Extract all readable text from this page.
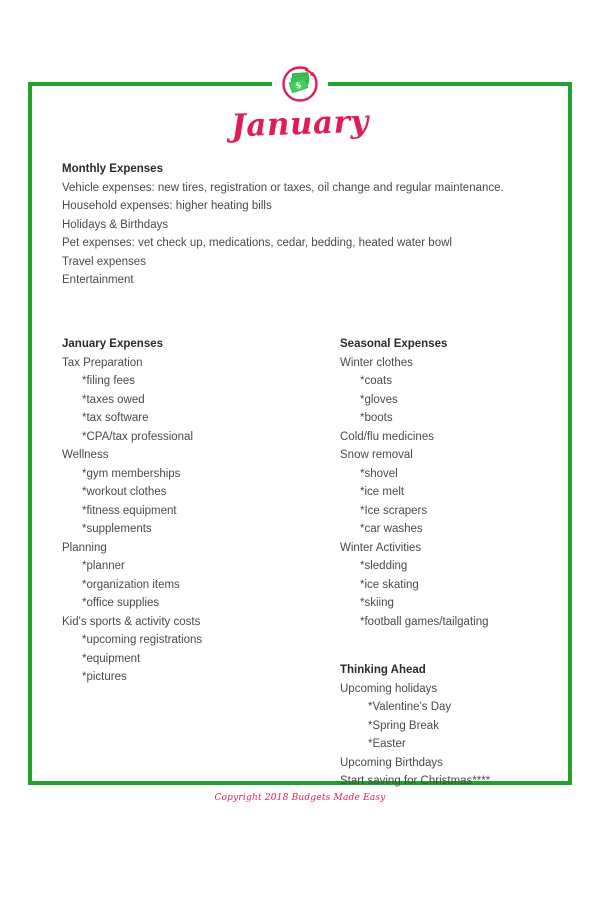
$
January
Monthly Expenses
Vehicle expenses: new tires, registration or taxes, oil change and regular maintenance.
Household expenses: higher heating bills
Holidays & Birthdays
Pet expenses: vet check up, medications, cedar, bedding, heated water bowl
Travel expenses
Entertainment
January Expenses
Tax Preparation
*filing fees
*taxes owed
*tax software
*CPA/tax professional
Wellness
*gym memberships
*workout clothes
*fitness equipment
*supplements
Planning
*planner
*organization items
*office supplies
Kid's sports & activity costs
*upcoming registrations
*equipment
*pictures
Seasonal Expenses
Winter clothes
*coats
*gloves
*boots
Cold/flu medicines
Snow removal
*shovel
*ice melt
*Ice scrapers
*car washes
Winter Activities
*sledding
*ice skating
*skiing
*football games/tailgating
Thinking Ahead
Upcoming holidays
*Valentine's Day
*Spring Break
*Easter
Upcoming Birthdays
Start saving for Christmas****
Copyright 2018 Budgets Made Easy
